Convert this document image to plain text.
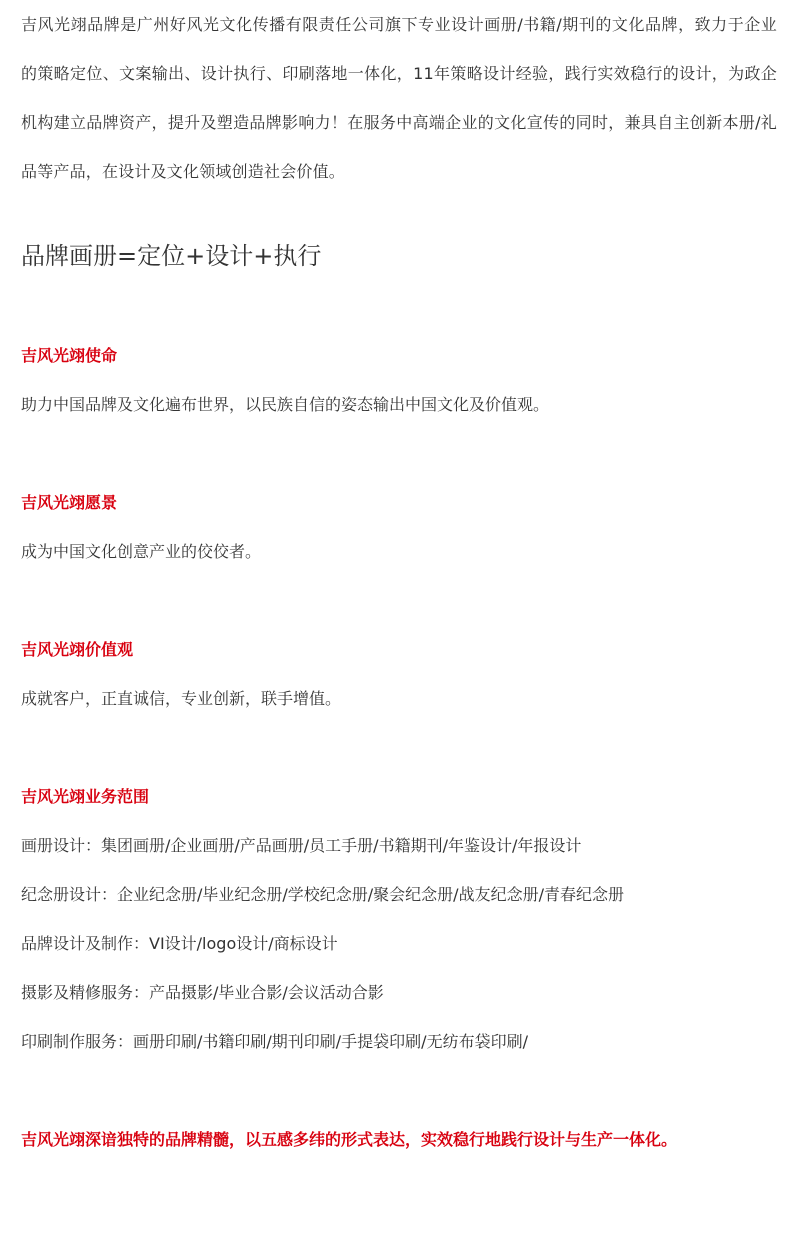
吉风光翊品牌是广州好风光文化传播有限责任公司旗下专业设计画册/书籍/期刊的文化品牌，致力于企业的策略定位、文案输出、设计执行、印刷落地一体化，11年策略设计经验，践行实效稳行的设计，为政企机构建立品牌资产，提升及塑造品牌影响力！在服务中高端企业的文化宣传的同时，兼具自主创新本册/礼品等产品，在设计及文化领域创造社会价值。

品牌画册=定位+设计+执行
吉风光翊使命

助力中国品牌及文化遍布世界，以民族自信的姿态输出中国文化及价值观。

吉风光翊愿景

成为中国文化创意产业的佼佼者。

吉风光翊价值观

成就客户，正直诚信，专业创新，联手增值。

吉风光翊业务范围

画册设计：集团画册/企业画册/产品画册/员工手册/书籍期刊/年鉴设计/年报设计

纪念册设计：企业纪念册/毕业纪念册/学校纪念册/聚会纪念册/战友纪念册/青春纪念册

品牌设计及制作：VI设计/logo设计/商标设计

摄影及精修服务：产品摄影/毕业合影/会议活动合影

印刷制作服务：画册印刷/书籍印刷/期刊印刷/手提袋印刷/无纺布袋印刷/

吉风光翊深谙独特的品牌精髓，以五感多纬的形式表达，实效稳行地践行设计与生产一体化。
